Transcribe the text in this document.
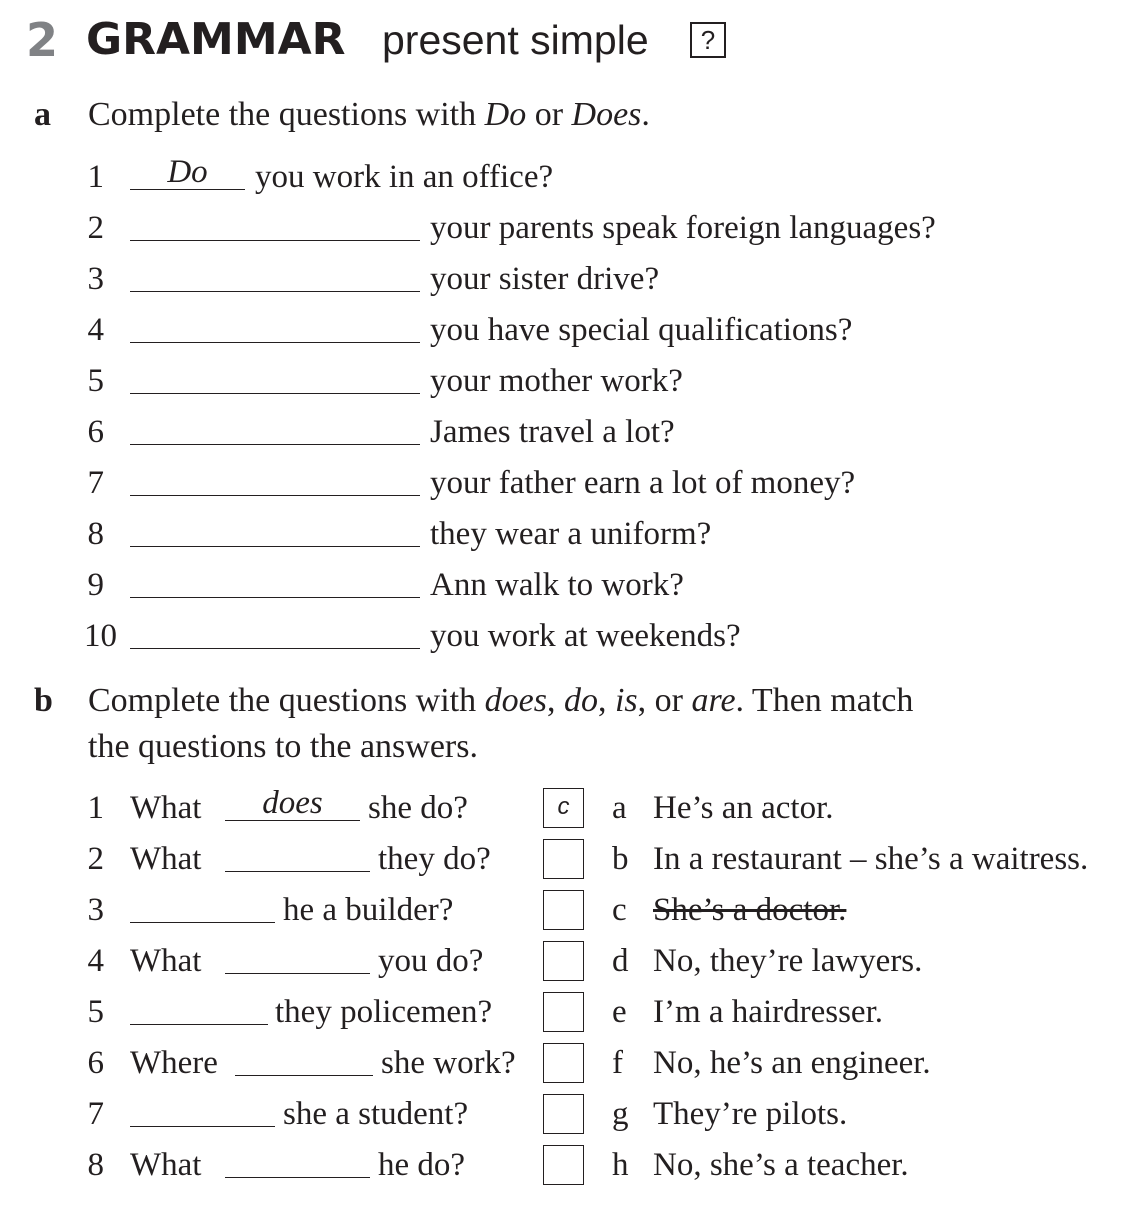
2 GRAMMAR present simple	?
a Complete the questions with Do or Does.
1	Do	you work in an office?
2	your parents speak foreign languages?
3	your sister drive?
4	you have special qualifications?
5	your mother work?
6	James travel a lot?
7	your father earn a lot of money?
8	they wear a uniform?
9	Ann walk to work?
10	you work at weekends?
b Complete the questions with does, do, is, or are. Then match
the questions to the answers.
1 What	does	she do?	c	a He’s an actor.
2 What	they do?	b In a restaurant – she’s a waitress.
3	he a builder?	c She’s a doctor.
4 What	you do?	d No, they’re lawyers.
5	they policemen?	e I’m a hairdresser.
6 Where	she work?	f No, he’s an engineer.
7	she a student?	g They’re pilots.
8 What	he do?	h No, she’s a teacher.
